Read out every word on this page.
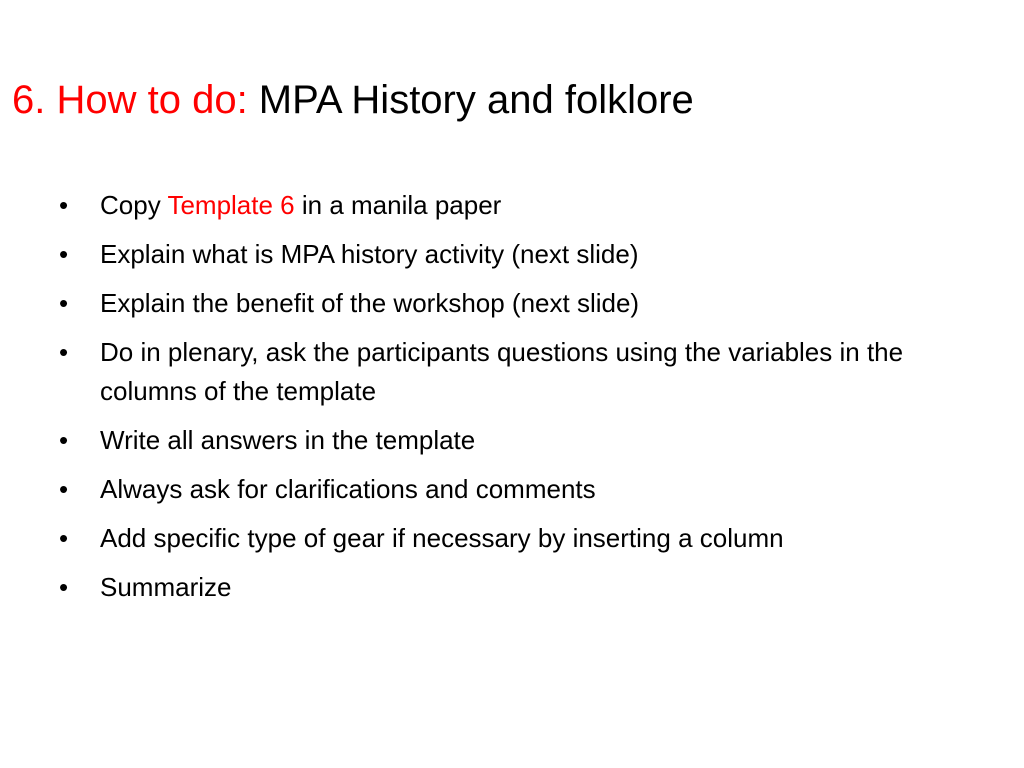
6. How to do: MPA History and folklore
• Copy Template 6 in a manila paper
• Explain what is MPA history activity (next slide)
• Explain the benefit of the workshop (next slide)
• Do in plenary, ask the participants questions using the variables in the columns of the template
• Write all answers in the template
• Always ask for clarifications and comments
• Add specific type of gear if necessary by inserting a column
• Summarize
